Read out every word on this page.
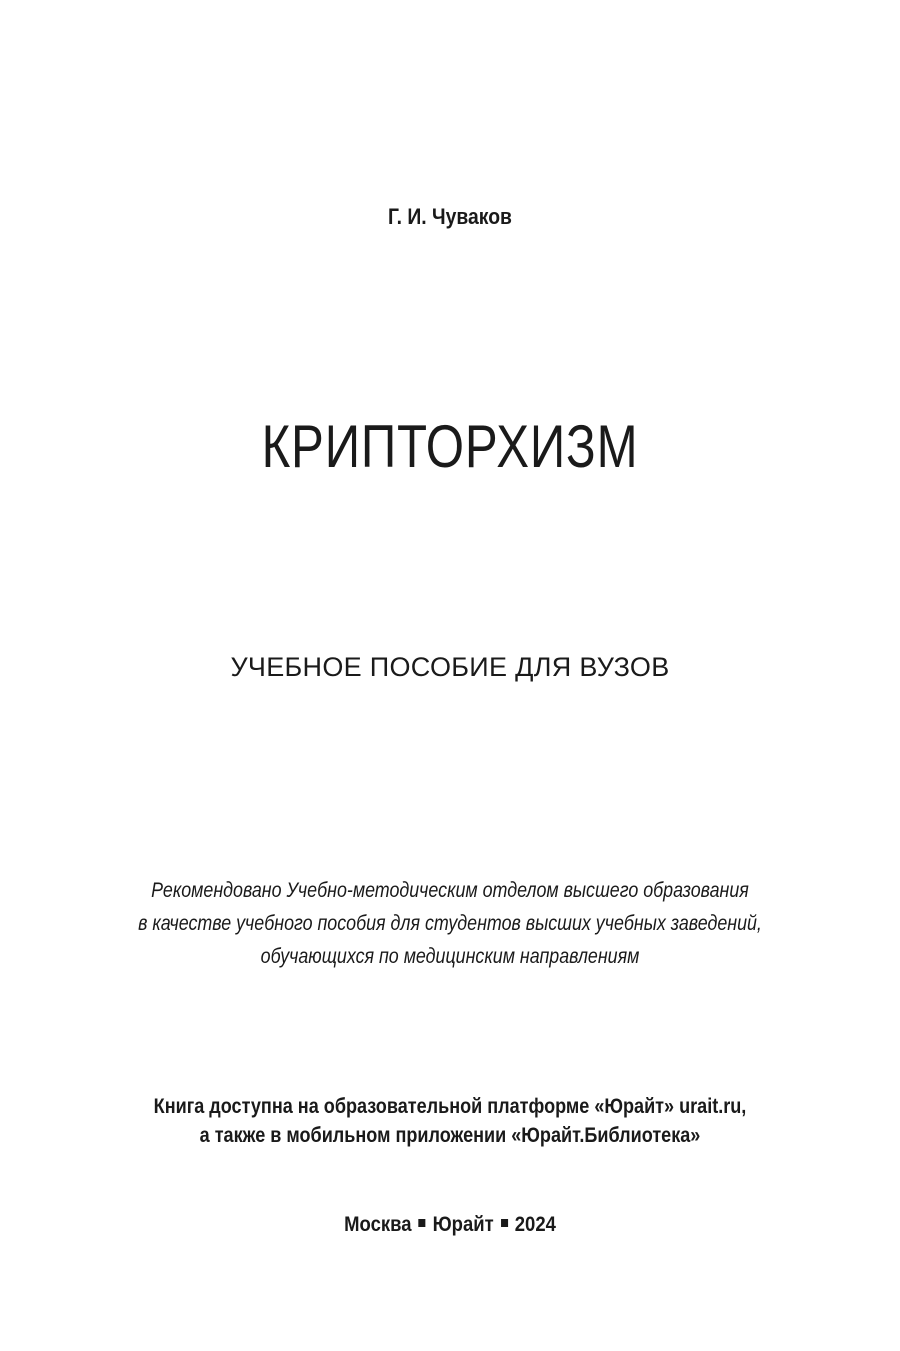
Г. И. Чуваков
КРИПТОРХИЗМ
УЧЕБНОЕ ПОСОБИЕ ДЛЯ ВУЗОВ
Рекомендовано Учебно-методическим отделом высшего образования
в качестве учебного пособия для студентов высших учебных заведений,
обучающихся по медицинским направлениям
Книга доступна на образовательной платформе «Юрайт» urait.ru,
а также в мобильном приложении «Юрайт.Библиотека»
Москва Юрайт 2024
